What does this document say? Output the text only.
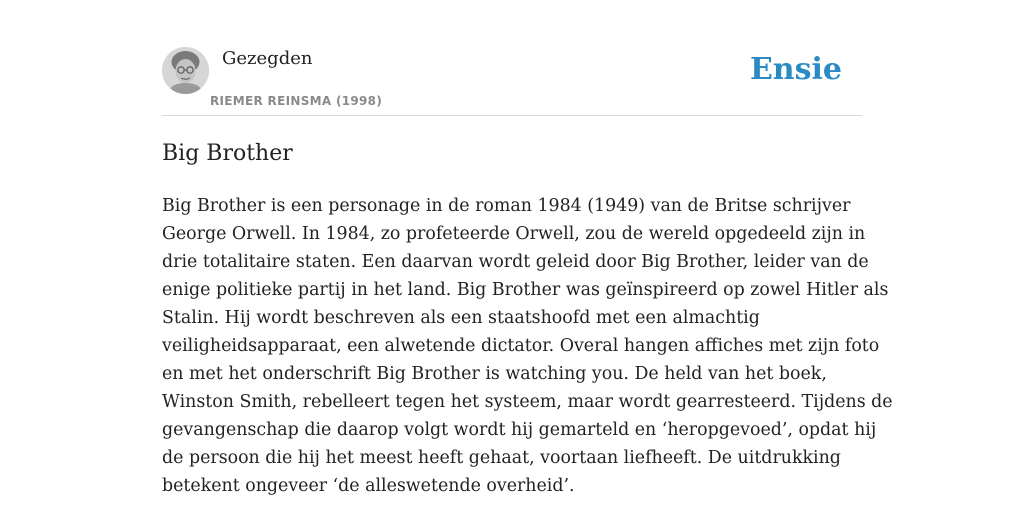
Gezegden
RIEMER REINSMA (1998)
Ensie
Big Brother

Big Brother is een personage in de roman 1984 (1949) van de Britse schrijver
George Orwell. In 1984, zo profeteerde Orwell, zou de wereld opgedeeld zijn in
drie totalitaire staten. Een daarvan wordt geleid door Big Brother, leider van de
enige politieke partij in het land. Big Brother was geïnspireerd op zowel Hitler als
Stalin. Hij wordt beschreven als een staatshoofd met een almachtig
veiligheidsapparaat, een alwetende dictator. Overal hangen affiches met zijn foto
en met het onderschrift Big Brother is watching you. De held van het boek,
Winston Smith, rebelleert tegen het systeem, maar wordt gearresteerd. Tijdens de
gevangenschap die daarop volgt wordt hij gemarteld en ‘heropgevoed’, opdat hij
de persoon die hij het meest heeft gehaat, voortaan liefheeft. De uitdrukking
betekent ongeveer ‘de alleswetende overheid’.
